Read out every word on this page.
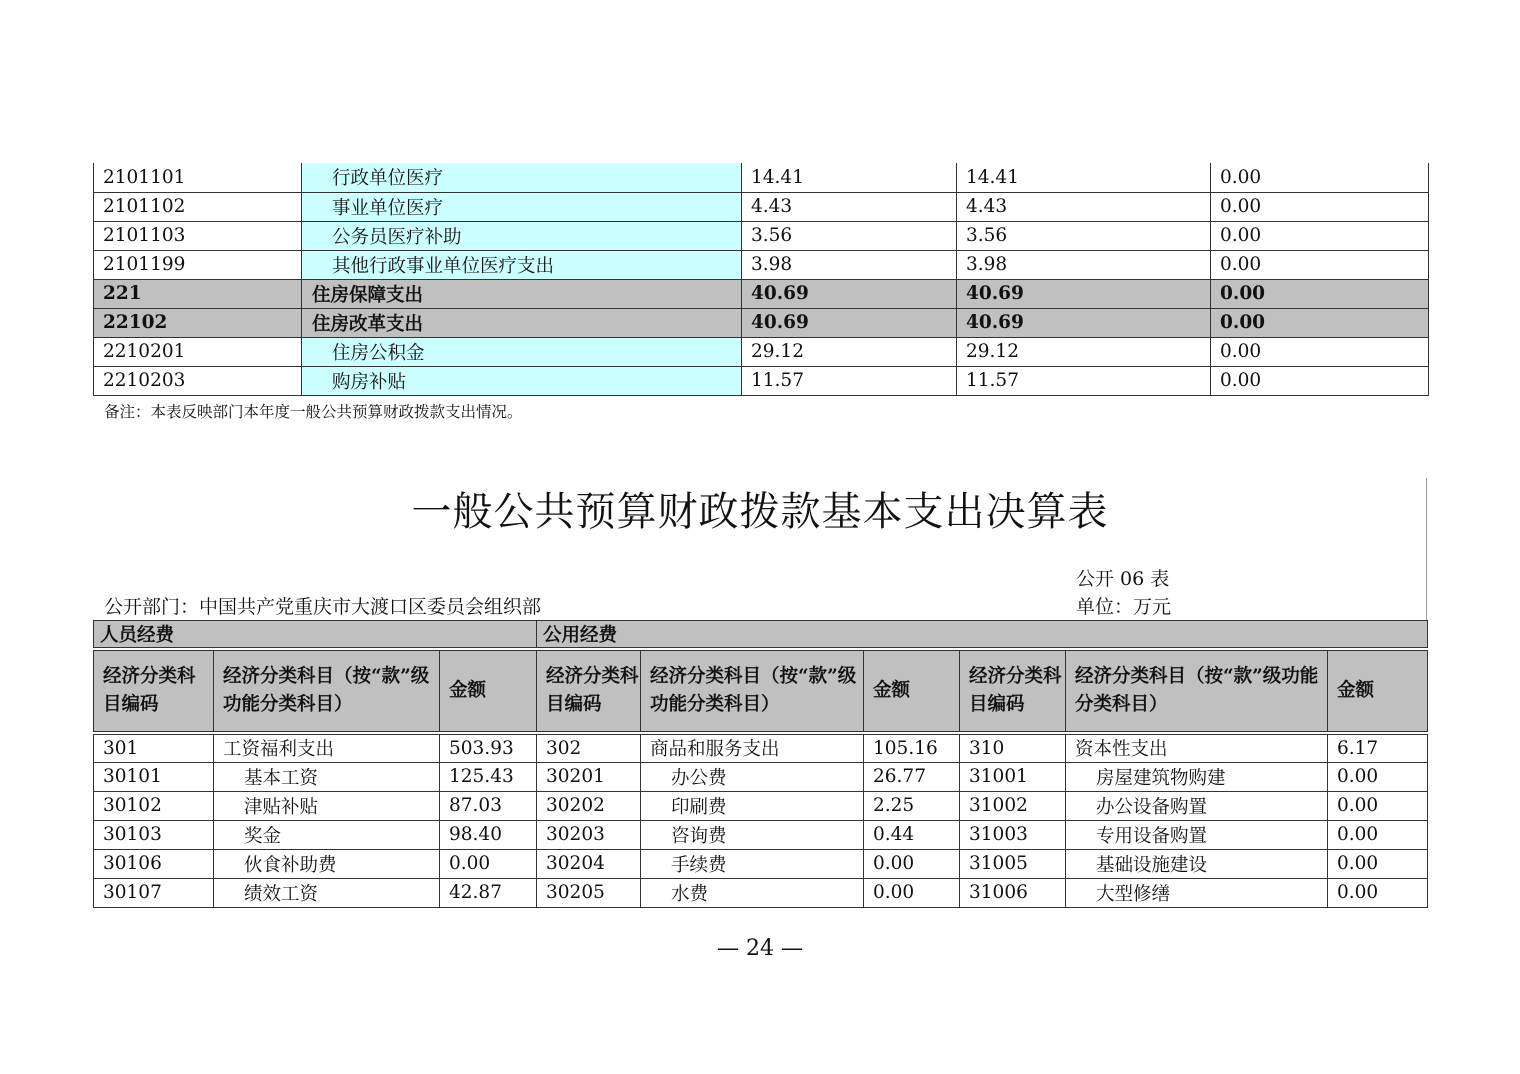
2101101	行政单位医疗	14.41	14.41	0.00
2101102	事业单位医疗	4.43	4.43	0.00
2101103	公务员医疗补助	3.56	3.56	0.00
2101199	其他行政事业单位医疗支出	3.98	3.98	0.00
221	住房保障支出	40.69	40.69	0.00
22102	住房改革支出	40.69	40.69	0.00
2210201	住房公积金	29.12	29.12	0.00
2210203	购房补贴	11.57	11.57	0.00
备注：本表反映部门本年度一般公共预算财政拨款支出情况。
一般公共预算财政拨款基本支出决算表
公开 06 表
公开部门：中国共产党重庆市大渡口区委员会组织部	单位：万元
人员经费			公用经费					
经济分类科目编码	经济分类科目（按“款”级功能分类科目）	金额	经济分类科目编码	经济分类科目（按“款”级功能分类科目）	金额	经济分类科目编码	经济分类科目（按“款”级功能分类科目）	金额
301	工资福利支出	503.93	302	商品和服务支出	105.16	310	资本性支出	6.17
30101	基本工资	125.43	30201	办公费	26.77	31001	房屋建筑物购建	0.00
30102	津贴补贴	87.03	30202	印刷费	2.25	31002	办公设备购置	0.00
30103	奖金	98.40	30203	咨询费	0.44	31003	专用设备购置	0.00
30106	伙食补助费	0.00	30204	手续费	0.00	31005	基础设施建设	0.00
30107	绩效工资	42.87	30205	水费	0.00	31006	大型修缮	0.00
— 24 —
